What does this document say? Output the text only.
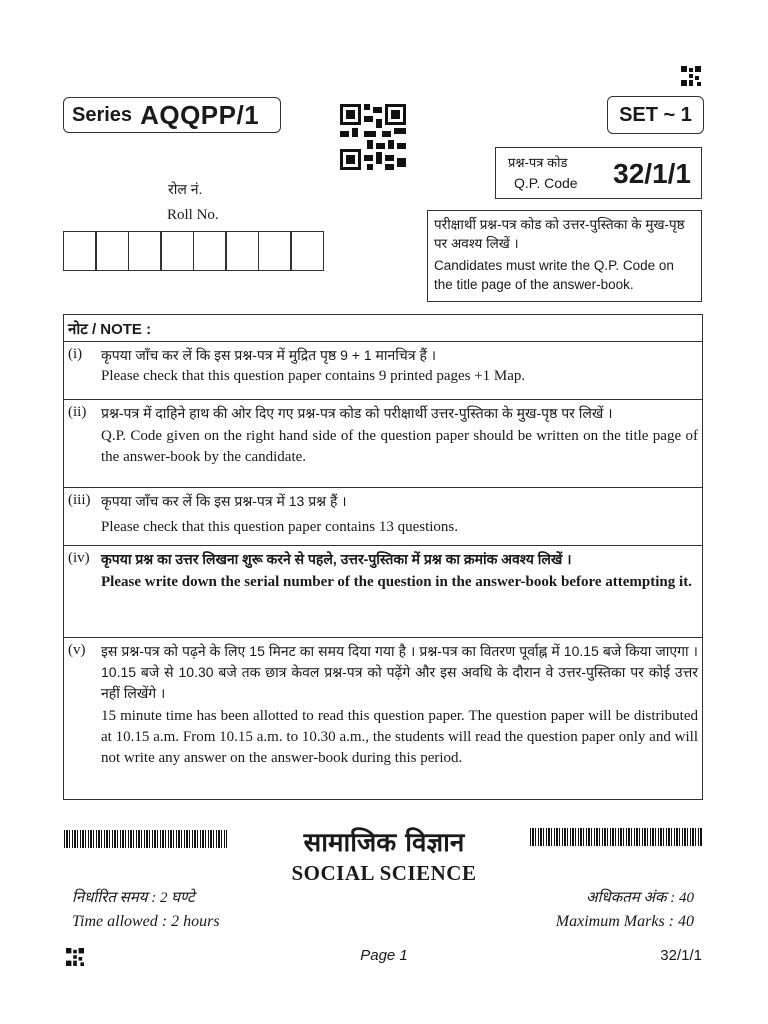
Series AQQPP/1	SET ~ 1
प्रश्न-पत्र कोड
Q.P. Code 32/1/1
रोल नं.
Roll No.
परीक्षार्थी प्रश्न-पत्र कोड को उत्तर-पुस्तिका के मुख-पृष्ठ पर अवश्य लिखें ।
Candidates must write the Q.P. Code on the title page of the answer-book.
नोट / NOTE :
(i) कृपया जाँच कर लें कि इस प्रश्न-पत्र में मुद्रित पृष्ठ 9 + 1 मानचित्र हैं ।

Please check that this question paper contains 9 printed pages +1 Map.

(ii) प्रश्न-पत्र में दाहिने हाथ की ओर दिए गए प्रश्न-पत्र कोड को परीक्षार्थी उत्तर-पुस्तिका के मुख-पृष्ठ पर लिखें ।

Q.P. Code given on the right hand side of the question paper should be written on the title page of the answer-book by the candidate.

(iii) कृपया जाँच कर लें कि इस प्रश्न-पत्र में 13 प्रश्न हैं ।

Please check that this question paper contains 13 questions.

(iv) कृपया प्रश्न का उत्तर लिखना शुरू करने से पहले, उत्तर-पुस्तिका में प्रश्न का क्रमांक अवश्य लिखें ।

Please write down the serial number of the question in the answer-book before attempting it.

(v) इस प्रश्न-पत्र को पढ़ने के लिए 15 मिनट का समय दिया गया है । प्रश्न-पत्र का वितरण पूर्वाह्न में 10.15 बजे किया जाएगा । 10.15 बजे से 10.30 बजे तक छात्र केवल प्रश्न-पत्र को पढ़ेंगे और इस अवधि के दौरान वे उत्तर-पुस्तिका पर कोई उत्तर नहीं लिखेंगे ।

15 minute time has been allotted to read this question paper. The question paper will be distributed at 10.15 a.m. From 10.15 a.m. to 10.30 a.m., the students will read the question paper only and will not write any answer on the answer-book during this period.

सामाजिक विज्ञान
SOCIAL SCIENCE
निर्धारित समय : 2 घण्टे
Time allowed : 2 hours
अधिकतम अंक : 40
Maximum Marks : 40
Page 1	32/1/1
